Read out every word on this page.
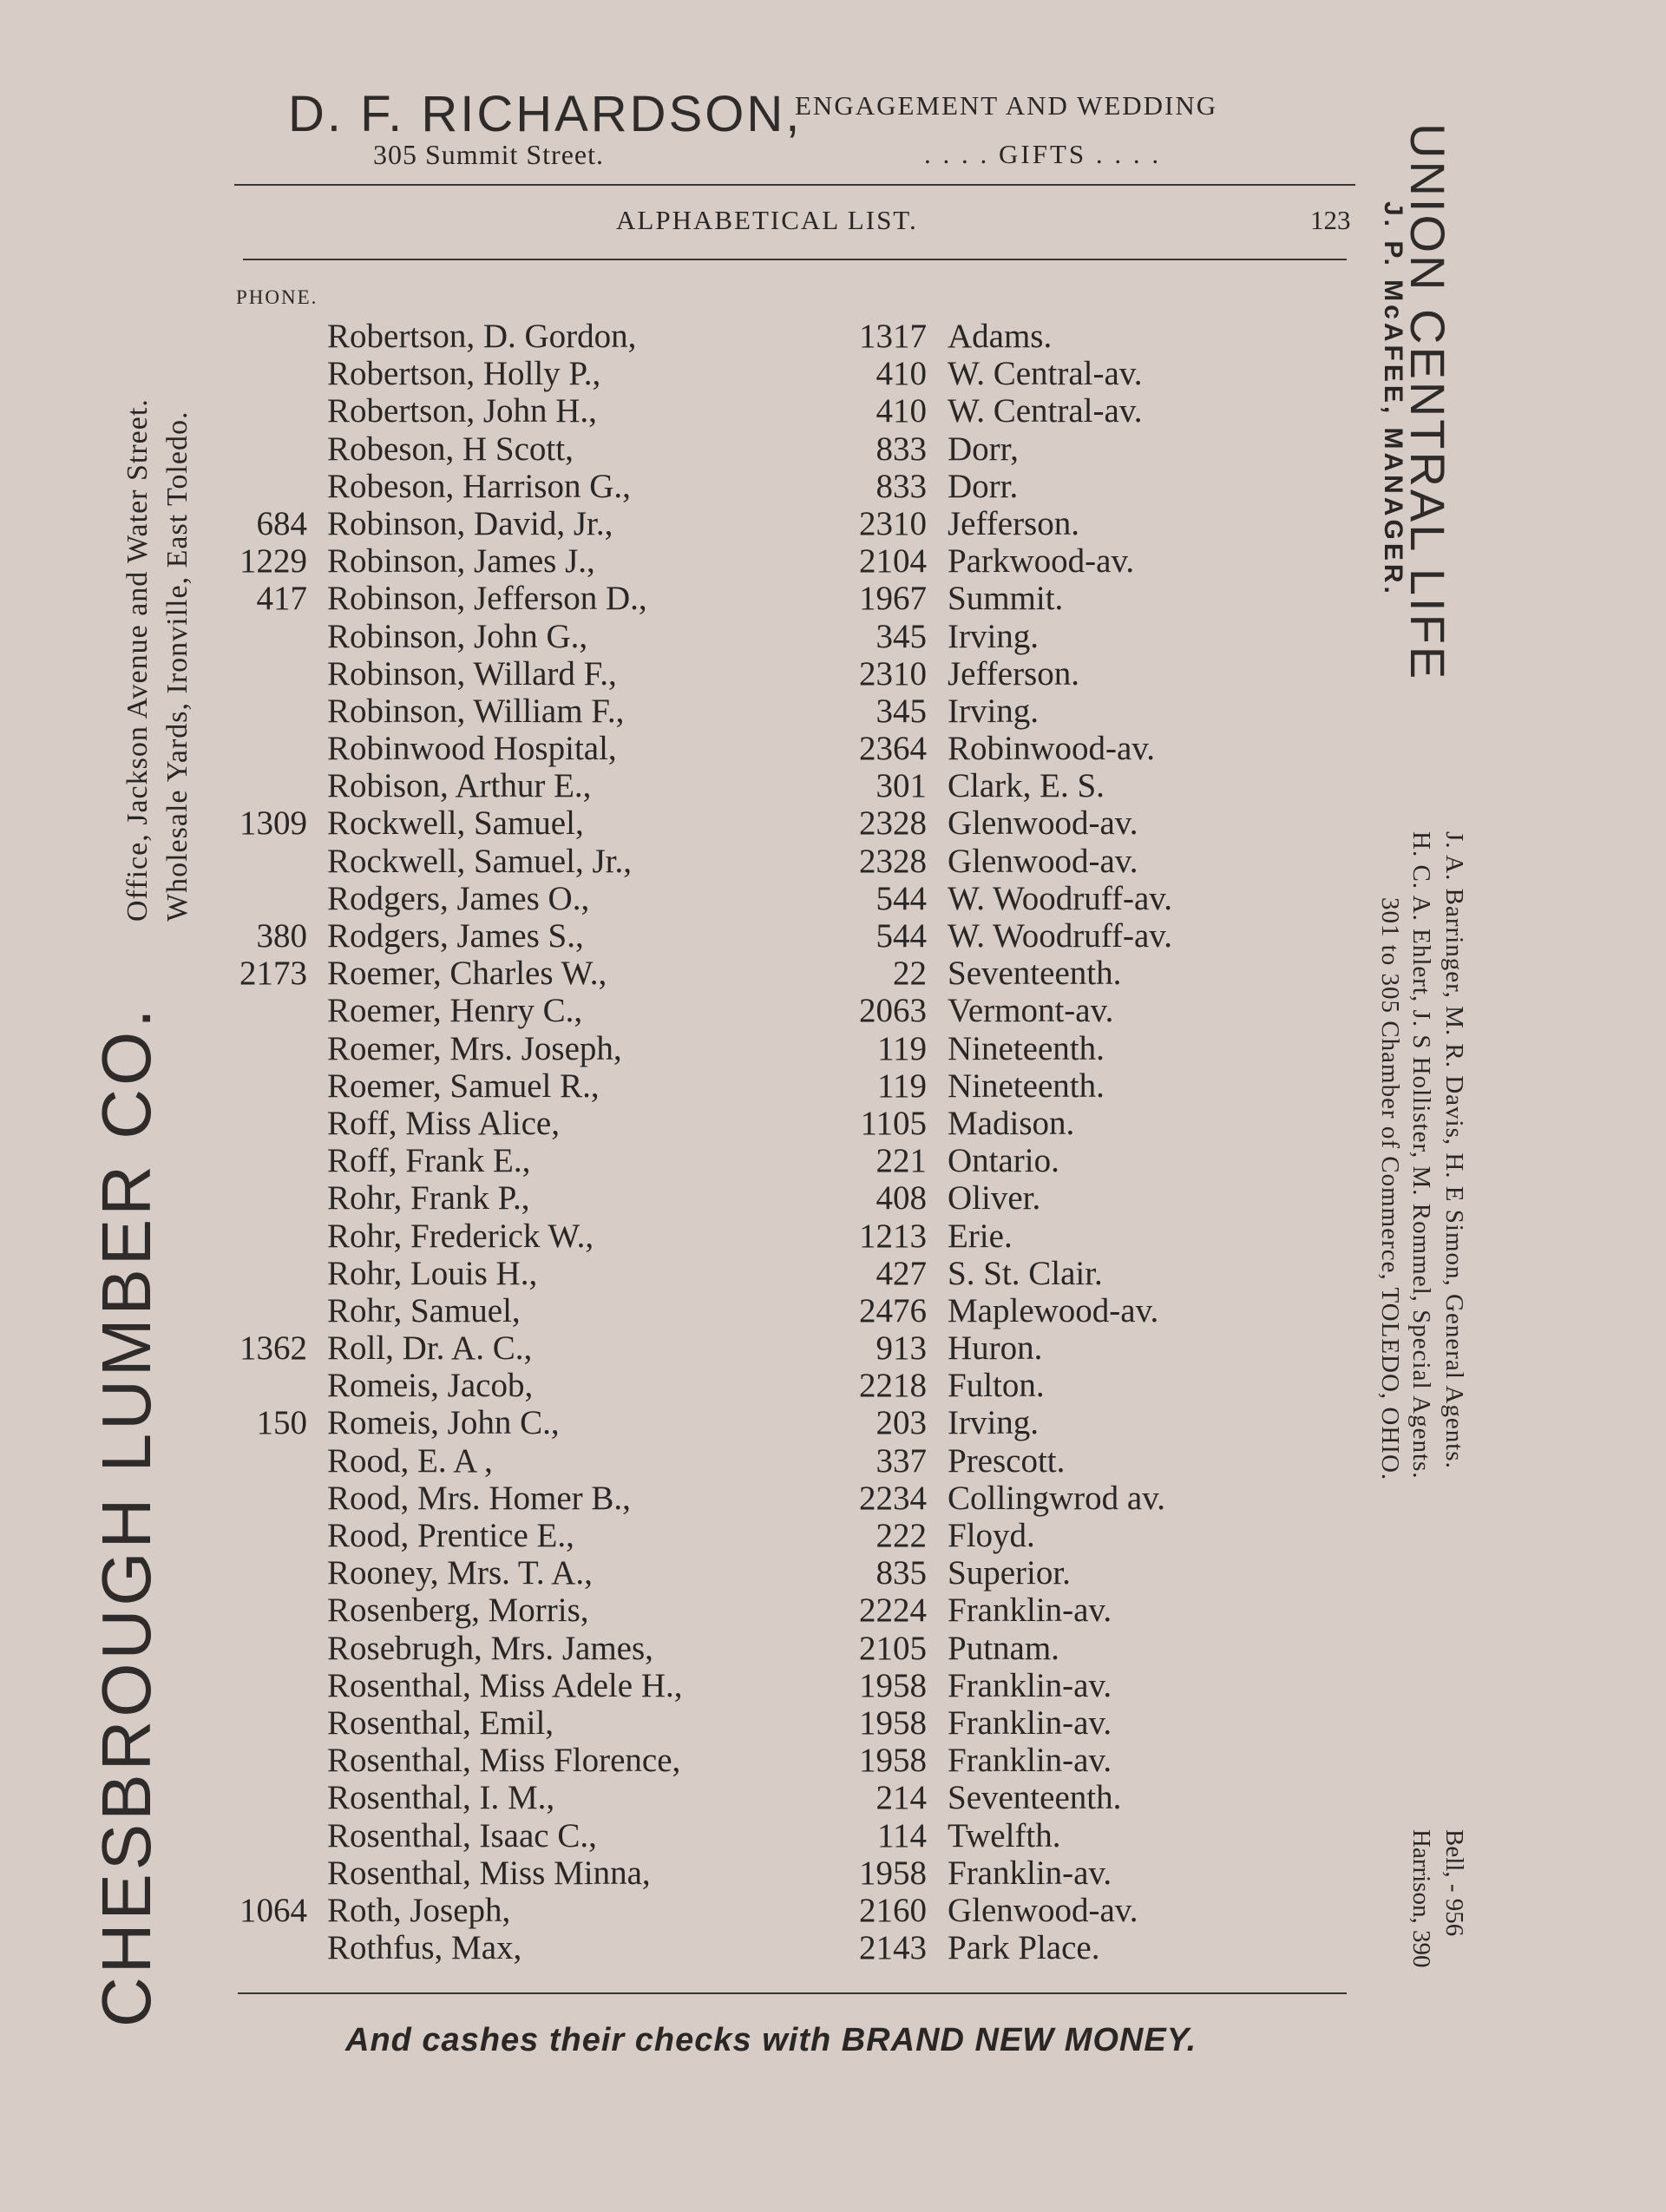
D. F. RICHARDSON,
305 Summit Street.
ENGAGEMENT AND WEDDING
. . . . GIFTS . . . .
ALPHABETICAL LIST.	123
PHONE.
Robertson, D. Gordon,	1317 Adams.
Robertson, Holly P.,	410 W. Central-av.
Robertson, John H.,	410 W. Central-av.
Robeson, H Scott,	833 Dorr,
Robeson, Harrison G.,	833 Dorr.
684 Robinson, David, Jr.,	2310 Jefferson.
1229 Robinson, James J.,	2104 Parkwood-av.
417 Robinson, Jefferson D.,	1967 Summit.
Robinson, John G.,	345 Irving.
Robinson, Willard F.,	2310 Jefferson.
Robinson, William F.,	345 Irving.
Robinwood Hospital,	2364 Robinwood-av.
Robison, Arthur E.,	301 Clark, E. S.
1309 Rockwell, Samuel,	2328 Glenwood-av.
Rockwell, Samuel, Jr.,	2328 Glenwood-av.
Rodgers, James O.,	544 W. Woodruff-av.
380 Rodgers, James S.,	544 W. Woodruff-av.
2173 Roemer, Charles W.,	22 Seventeenth.
Roemer, Henry C.,	2063 Vermont-av.
Roemer, Mrs. Joseph,	119 Nineteenth.
Roemer, Samuel R.,	119 Nineteenth.
Roff, Miss Alice,	1105 Madison.
Roff, Frank E.,	221 Ontario.
Rohr, Frank P.,	408 Oliver.
Rohr, Frederick W.,	1213 Erie.
Rohr, Louis H.,	427 S. St. Clair.
Rohr, Samuel,	2476 Maplewood-av.
1362 Roll, Dr. A. C.,	913 Huron.
Romeis, Jacob,	2218 Fulton.
150 Romeis, John C.,	203 Irving.
Rood, E. A ,	337 Prescott.
Rood, Mrs. Homer B.,	2234 Collingwrod av.
Rood, Prentice E.,	222 Floyd.
Rooney, Mrs. T. A.,	835 Superior.
Rosenberg, Morris,	2224 Franklin-av.
Rosebrugh, Mrs. James,	2105 Putnam.
Rosenthal, Miss Adele H.,	1958 Franklin-av.
Rosenthal, Emil,	1958 Franklin-av.
Rosenthal, Miss Florence,	1958 Franklin-av.
Rosenthal, I. M.,	214 Seventeenth.
Rosenthal, Isaac C.,	114 Twelfth.
Rosenthal, Miss Minna,	1958 Franklin-av.
1064 Roth, Joseph,	2160 Glenwood-av.
Rothfus, Max,	2143 Park Place.
And cashes their checks with BRAND NEW MONEY.
CHESBROUGH LUMBER CO.
Office, Jackson Avenue and Water Street. Wholesale Yards, Ironville, East Toledo.	UNION CENTRAL LIFE
J. P. McAFEE, MANAGER.
J. A. Barringer, M. R. Davis, H. E Simon, General Agents.
H. C. A. Ehlert, J. S Hollister, M. Rommel, Special Agents.
301 to 305 Chamber of Commerce, TOLEDO, OHIO.
Bell, - 956
Harrison, 390
